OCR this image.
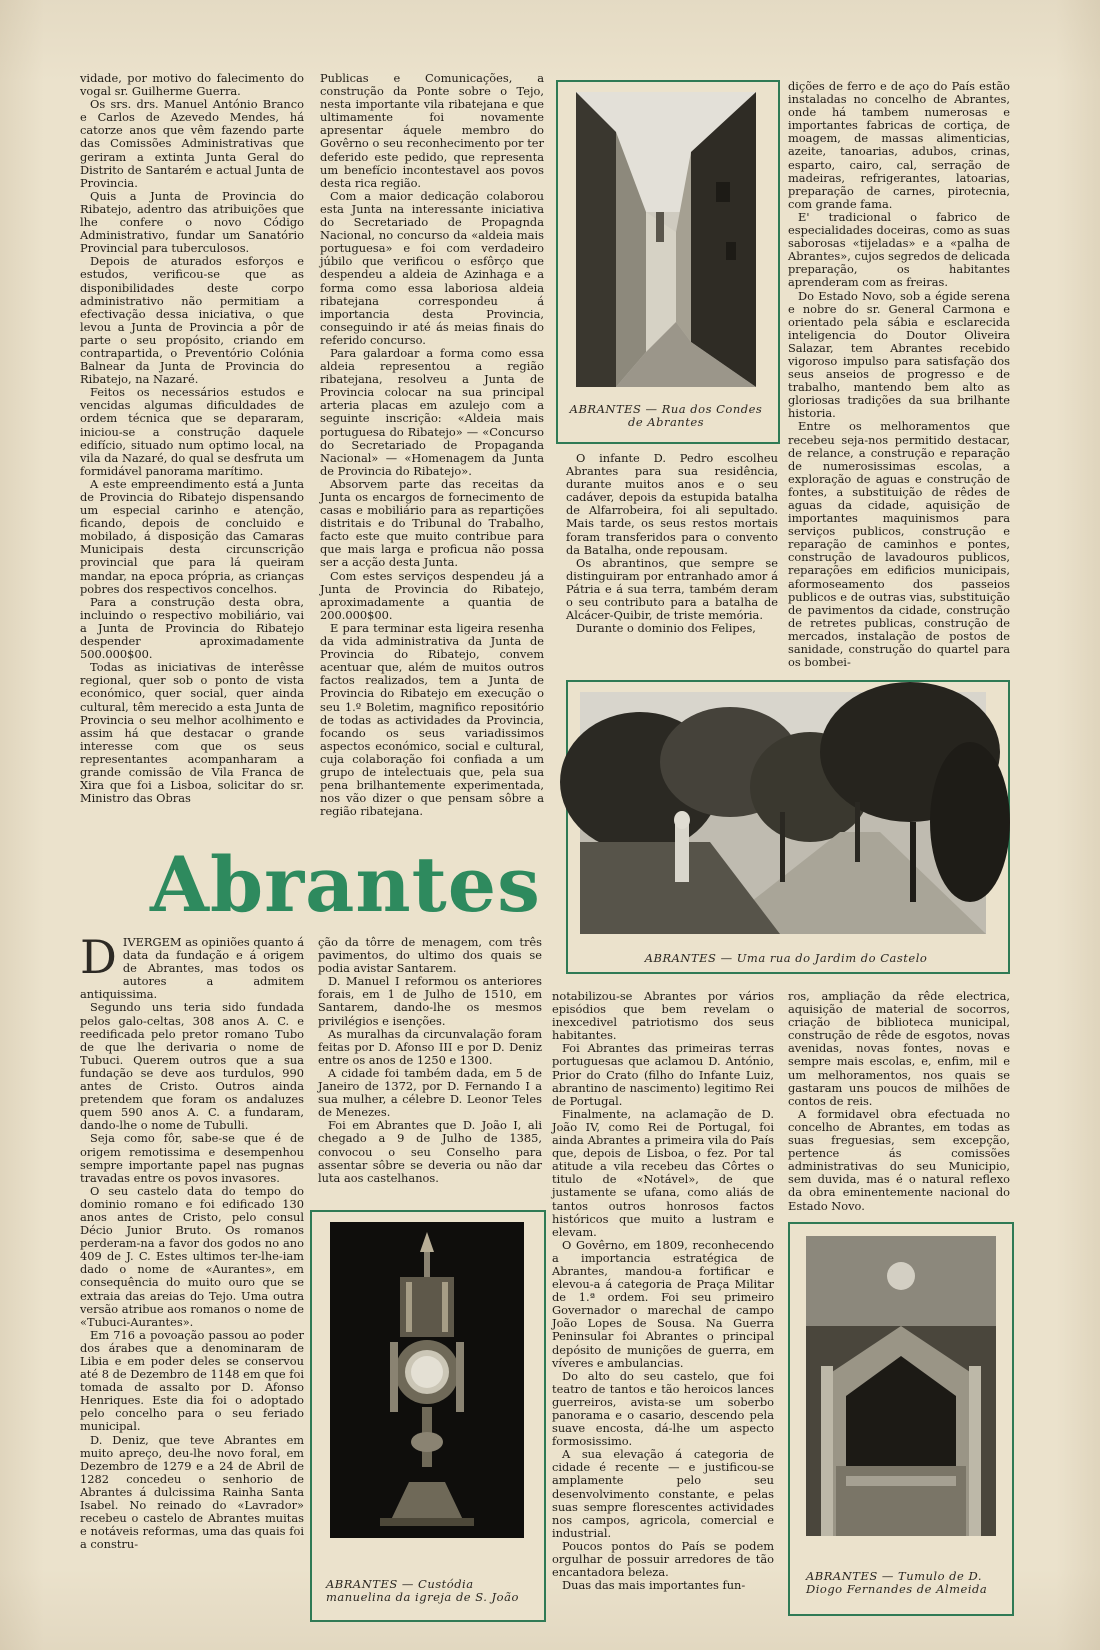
vidade, por motivo do falecimento do vogal sr. Guilherme Guerra.

Os srs. drs. Manuel António Branco e Carlos de Azevedo Mendes, há catorze anos que vêm fazendo parte das Comissões Administrativas que geriram a extinta Junta Geral do Distrito de Santarém e actual Junta de Provincia.

Quis a Junta de Provincia do Ribatejo, adentro das atribuições que lhe confere o novo Código Administrativo, fundar um Sanatório Provincial para tuberculosos.

Depois de aturados esforços e estudos, verificou-se que as disponibilidades deste corpo administrativo não permitiam a efectivação dessa iniciativa, o que levou a Junta de Provincia a pôr de parte o seu propósito, criando em contrapartida, o Preventório Colónia Balnear da Junta de Provincia do Ribatejo, na Nazaré.

Feitos os necessários estudos e vencidas algumas dificuldades de ordem técnica que se depararam, iniciou-se a construção daquele edifício, situado num optimo local, na vila da Nazaré, do qual se desfruta um formidável panorama marítimo.

A este empreendimento está a Junta de Provincia do Ribatejo dispensando um especial carinho e atenção, ficando, depois de concluido e mobilado, á disposição das Camaras Municipais desta circunscrição provincial que para lá queiram mandar, na epoca própria, as crianças pobres dos respectivos concelhos.

Para a construção desta obra, incluindo o respectivo mobiliário, vai a Junta de Provincia do Ribatejo despender aproximadamente 500.000$00.

Todas as iniciativas de interêsse regional, quer sob o ponto de vista económico, quer social, quer ainda cultural, têm merecido a esta Junta de Provincia o seu melhor acolhimento e assim há que destacar o grande interesse com que os seus representantes acompanharam a grande comissão de Vila Franca de Xira que foi a Lisboa, solicitar do sr. Ministro das Obras

Publicas e Comunicações, a construção da Ponte sobre o Tejo, nesta importante vila ribatejana e que ultimamente foi novamente apresentar áquele membro do Govêrno o seu reconhecimento por ter deferido este pedido, que representa um benefício incontestavel aos povos desta rica região.

Com a maior dedicação colaborou esta Junta na interessante iniciativa do Secretariado de Propagnda Nacional, no concurso da «aldeia mais portuguesa» e foi com verdadeiro júbilo que verificou o esfôrço que despendeu a aldeia de Azinhaga e a forma como essa laboriosa aldeia ribatejana correspondeu á importancia desta Provincia, conseguindo ir até ás meias finais do referido concurso.

Para galardoar a forma como essa aldeia representou a região ribatejana, resolveu a Junta de Provincia colocar na sua principal arteria placas em azulejo com a seguinte inscrição: «Aldeia mais portuguesa do Ribatejo» — «Concurso do Secretariado de Propaganda Nacional» — «Homenagem da Junta de Provincia do Ribatejo».

Absorvem parte das receitas da Junta os encargos de fornecimento de casas e mobiliário para as repartições distritais e do Tribunal do Trabalho, facto este que muito contribue para que mais larga e proficua não possa ser a acção desta Junta.

Com estes serviços despendeu já a Junta de Provincia do Ribatejo, aproximadamente a quantia de 200.000$00.

E para terminar esta ligeira resenha da vida administrativa da Junta de Provincia do Ribatejo, convem acentuar que, além de muitos outros factos realizados, tem a Junta de Provincia do Ribatejo em execução o seu 1.º Boletim, magnifico repositório de todas as actividades da Provincia, focando os seus variadissimos aspectos económico, social e cultural, cuja colaboração foi confiada a um grupo de intelectuais que, pela sua pena brilhantemente experimentada, nos vão dizer o que pensam sôbre a região ribatejana.

ABRANTES — Rua dos Condes de Abrantes

O infante D. Pedro escolheu Abrantes para sua residência, durante muitos anos e o seu cadáver, depois da estupida batalha de Alfarrobeira, foi ali sepultado. Mais tarde, os seus restos mortais foram transferidos para o convento da Batalha, onde repousam.

Os abrantinos, que sempre se distinguiram por entranhado amor á Pátria e á sua terra, também deram o seu contributo para a batalha de Alcácer-Quibir, de triste memória.

Durante o dominio dos Felipes,

dições de ferro e de aço do País estão instaladas no concelho de Abrantes, onde há tambem numerosas e importantes fabricas de cortiça, de moagem, de massas alimenticias, azeite, tanoarias, adubos, crinas, esparto, cairo, cal, serração de madeiras, refrigerantes, latoarias, preparação de carnes, pirotecnia, com grande fama.

E' tradicional o fabrico de especialidades doceiras, como as suas saborosas «tijeladas» e a «palha de Abrantes», cujos segredos de delicada preparação, os habitantes aprenderam com as freiras.

Do Estado Novo, sob a égide serena e nobre do sr. General Carmona e orientado pela sábia e esclarecida inteligencia do Doutor Oliveira Salazar, tem Abrantes recebido vigoroso impulso para satisfação dos seus anseios de progresso e de trabalho, mantendo bem alto as gloriosas tradições da sua brilhante historia.

Entre os melhoramentos que recebeu seja-nos permitido destacar, de relance, a construção e reparação de numerosissimas escolas, a exploração de aguas e construção de fontes, a substituição de rêdes de aguas da cidade, aquisição de importantes maquinismos para serviços publicos, construção e reparação de caminhos e pontes, construção de lavadouros publicos, reparações em edificios municipais, aformoseamento dos passeios publicos e de outras vias, substituição de pavimentos da cidade, construção de retretes publicas, construção de mercados, instalação de postos de sanidade, construção do quartel para os bombei-

ABRANTES — Uma rua do Jardim do Castelo
Abrantes
D IVERGEM as opiniões quanto á data da fundação e á origem de Abrantes, mas todos os autores a admitem antiquissima.

Segundo uns teria sido fundada pelos galo-celtas, 308 anos A. C. e reedificada pelo pretor romano Tubo de que lhe derivaria o nome de Tubuci. Querem outros que a sua fundação se deve aos turdulos, 990 antes de Cristo. Outros ainda pretendem que foram os andaluzes quem 590 anos A. C. a fundaram, dando-lhe o nome de Tubulli.

Seja como fôr, sabe-se que é de origem remotissima e desempenhou sempre importante papel nas pugnas travadas entre os povos invasores.

O seu castelo data do tempo do dominio romano e foi edificado 130 anos antes de Cristo, pelo consul Décio Junior Bruto. Os romanos perderam-na a favor dos godos no ano 409 de J. C. Estes ultimos ter-lhe-iam dado o nome de «Aurantes», em consequência do muito ouro que se extraia das areias do Tejo. Uma outra versão atribue aos romanos o nome de «Tubuci-Aurantes».

Em 716 a povoação passou ao poder dos árabes que a denominaram de Libia e em poder deles se conservou até 8 de Dezembro de 1148 em que foi tomada de assalto por D. Afonso Henriques. Este dia foi o adoptado pelo concelho para o seu feriado municipal.

D. Deniz, que teve Abrantes em muito apreço, deu-lhe novo foral, em Dezembro de 1279 e a 24 de Abril de 1282 concedeu o senhorio de Abrantes á dulcissima Rainha Santa Isabel. No reinado do «Lavrador» recebeu o castelo de Abrantes muitas e notáveis reformas, uma das quais foi a constru-

ção da tôrre de menagem, com três pavimentos, do ultimo dos quais se podia avistar Santarem.

D. Manuel I reformou os anteriores forais, em 1 de Julho de 1510, em Santarem, dando-lhe os mesmos privilégios e isenções.

As muralhas da circunvalação foram feitas por D. Afonso III e por D. Deniz entre os anos de 1250 e 1300.

A cidade foi também dada, em 5 de Janeiro de 1372, por D. Fernando I a sua mulher, a célebre D. Leonor Teles de Menezes.

Foi em Abrantes que D. João I, ali chegado a 9 de Julho de 1385, convocou o seu Conselho para assentar sôbre se deveria ou não dar luta aos castelhanos.

ABRANTES — Custódia manuelina da igreja de S. João

notabilizou-se Abrantes por vários episódios que bem revelam o inexcedivel patriotismo dos seus habitantes.

Foi Abrantes das primeiras terras portuguesas que aclamou D. António, Prior do Crato (filho do Infante Luiz, abrantino de nascimento) legitimo Rei de Portugal.

Finalmente, na aclamação de D. João IV, como Rei de Portugal, foi ainda Abrantes a primeira vila do País que, depois de Lisboa, o fez. Por tal atitude a vila recebeu das Côrtes o titulo de «Notável», de que justamente se ufana, como aliás de tantos outros honrosos factos históricos que muito a lustram e elevam.

O Govêrno, em 1809, reconhecendo a importancia estratégica de Abrantes, mandou-a fortificar e elevou-a á categoria de Praça Militar de 1.ª ordem. Foi seu primeiro Governador o marechal de campo João Lopes de Sousa. Na Guerra Peninsular foi Abrantes o principal depósito de munições de guerra, em víveres e ambulancias.

Do alto do seu castelo, que foi teatro de tantos e tão heroicos lances guerreiros, avista-se um soberbo panorama e o casario, descendo pela suave encosta, dá-lhe um aspecto formosissimo.

A sua elevação á categoria de cidade é recente — e justificou-se amplamente pelo seu desenvolvimento constante, e pelas suas sempre florescentes actividades nos campos, agricola, comercial e industrial.

Poucos pontos do País se podem orgulhar de possuir arredores de tão encantadora beleza.

Duas das mais importantes fun-

ros, ampliação da rêde electrica, aquisição de material de socorros, criação de biblioteca municipal, construção de rêde de esgotos, novas avenidas, novas fontes, novas e sempre mais escolas, e, enfim, mil e um melhoramentos, nos quais se gastaram uns poucos de milhões de contos de reis.

A formidavel obra efectuada no concelho de Abrantes, em todas as suas freguesias, sem excepção, pertence ás comissões administrativas do seu Municipio, sem duvida, mas é o natural reflexo da obra eminentemente nacional do Estado Novo.

ABRANTES — Tumulo de D. Diogo Fernandes de Almeida
